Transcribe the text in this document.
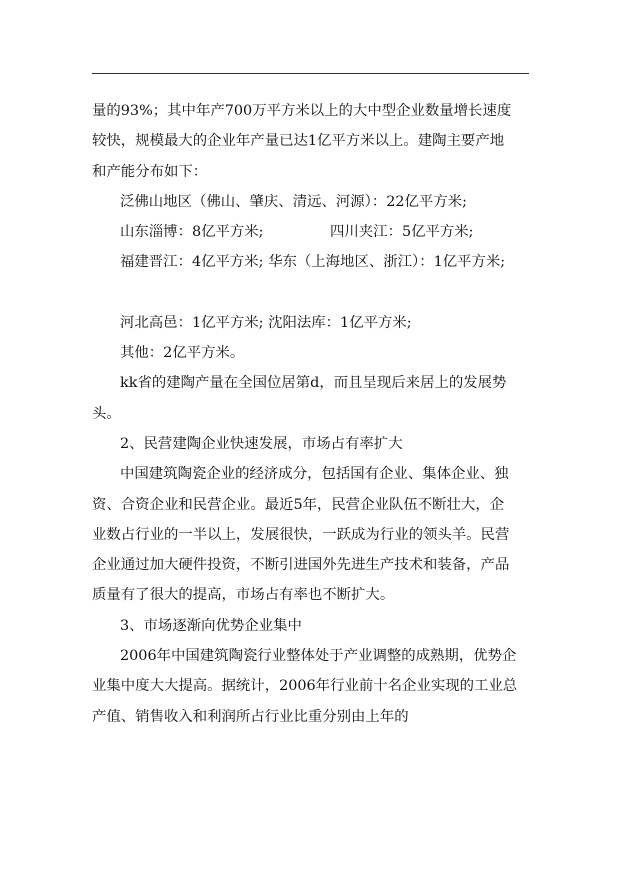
量的93%；其中年产700万平方米以上的大中型企业数量增长速度
较快，规模最大的企业年产量已达1亿平方米以上。建陶主要产地
和产能分布如下：
泛佛山地区（佛山、肇庆、清远、河源）：22亿平方米;
山东淄博：8亿平方米;	四川夹江：5亿平方米;
福建晋江：4亿平方米; 华东（上海地区、浙江）：1亿平方米;
河北高邑：1亿平方米; 沈阳法库：1亿平方米;
其他：2亿平方米。
kk省的建陶产量在全国位居第d，而且呈现后来居上的发展势
头。
2、民营建陶企业快速发展，市场占有率扩大
中国建筑陶瓷企业的经济成分，包括国有企业、集体企业、独
资、合资企业和民营企业。最近5年，民营企业队伍不断壮大，企
业数占行业的一半以上，发展很快，一跃成为行业的领头羊。民营
企业通过加大硬件投资，不断引进国外先进生产技术和装备，产品
质量有了很大的提高，市场占有率也不断扩大。
3、市场逐渐向优势企业集中
2006年中国建筑陶瓷行业整体处于产业调整的成熟期，优势企
业集中度大大提高。据统计，2006年行业前十名企业实现的工业总
产值、销售收入和利润所占行业比重分别由上年的
